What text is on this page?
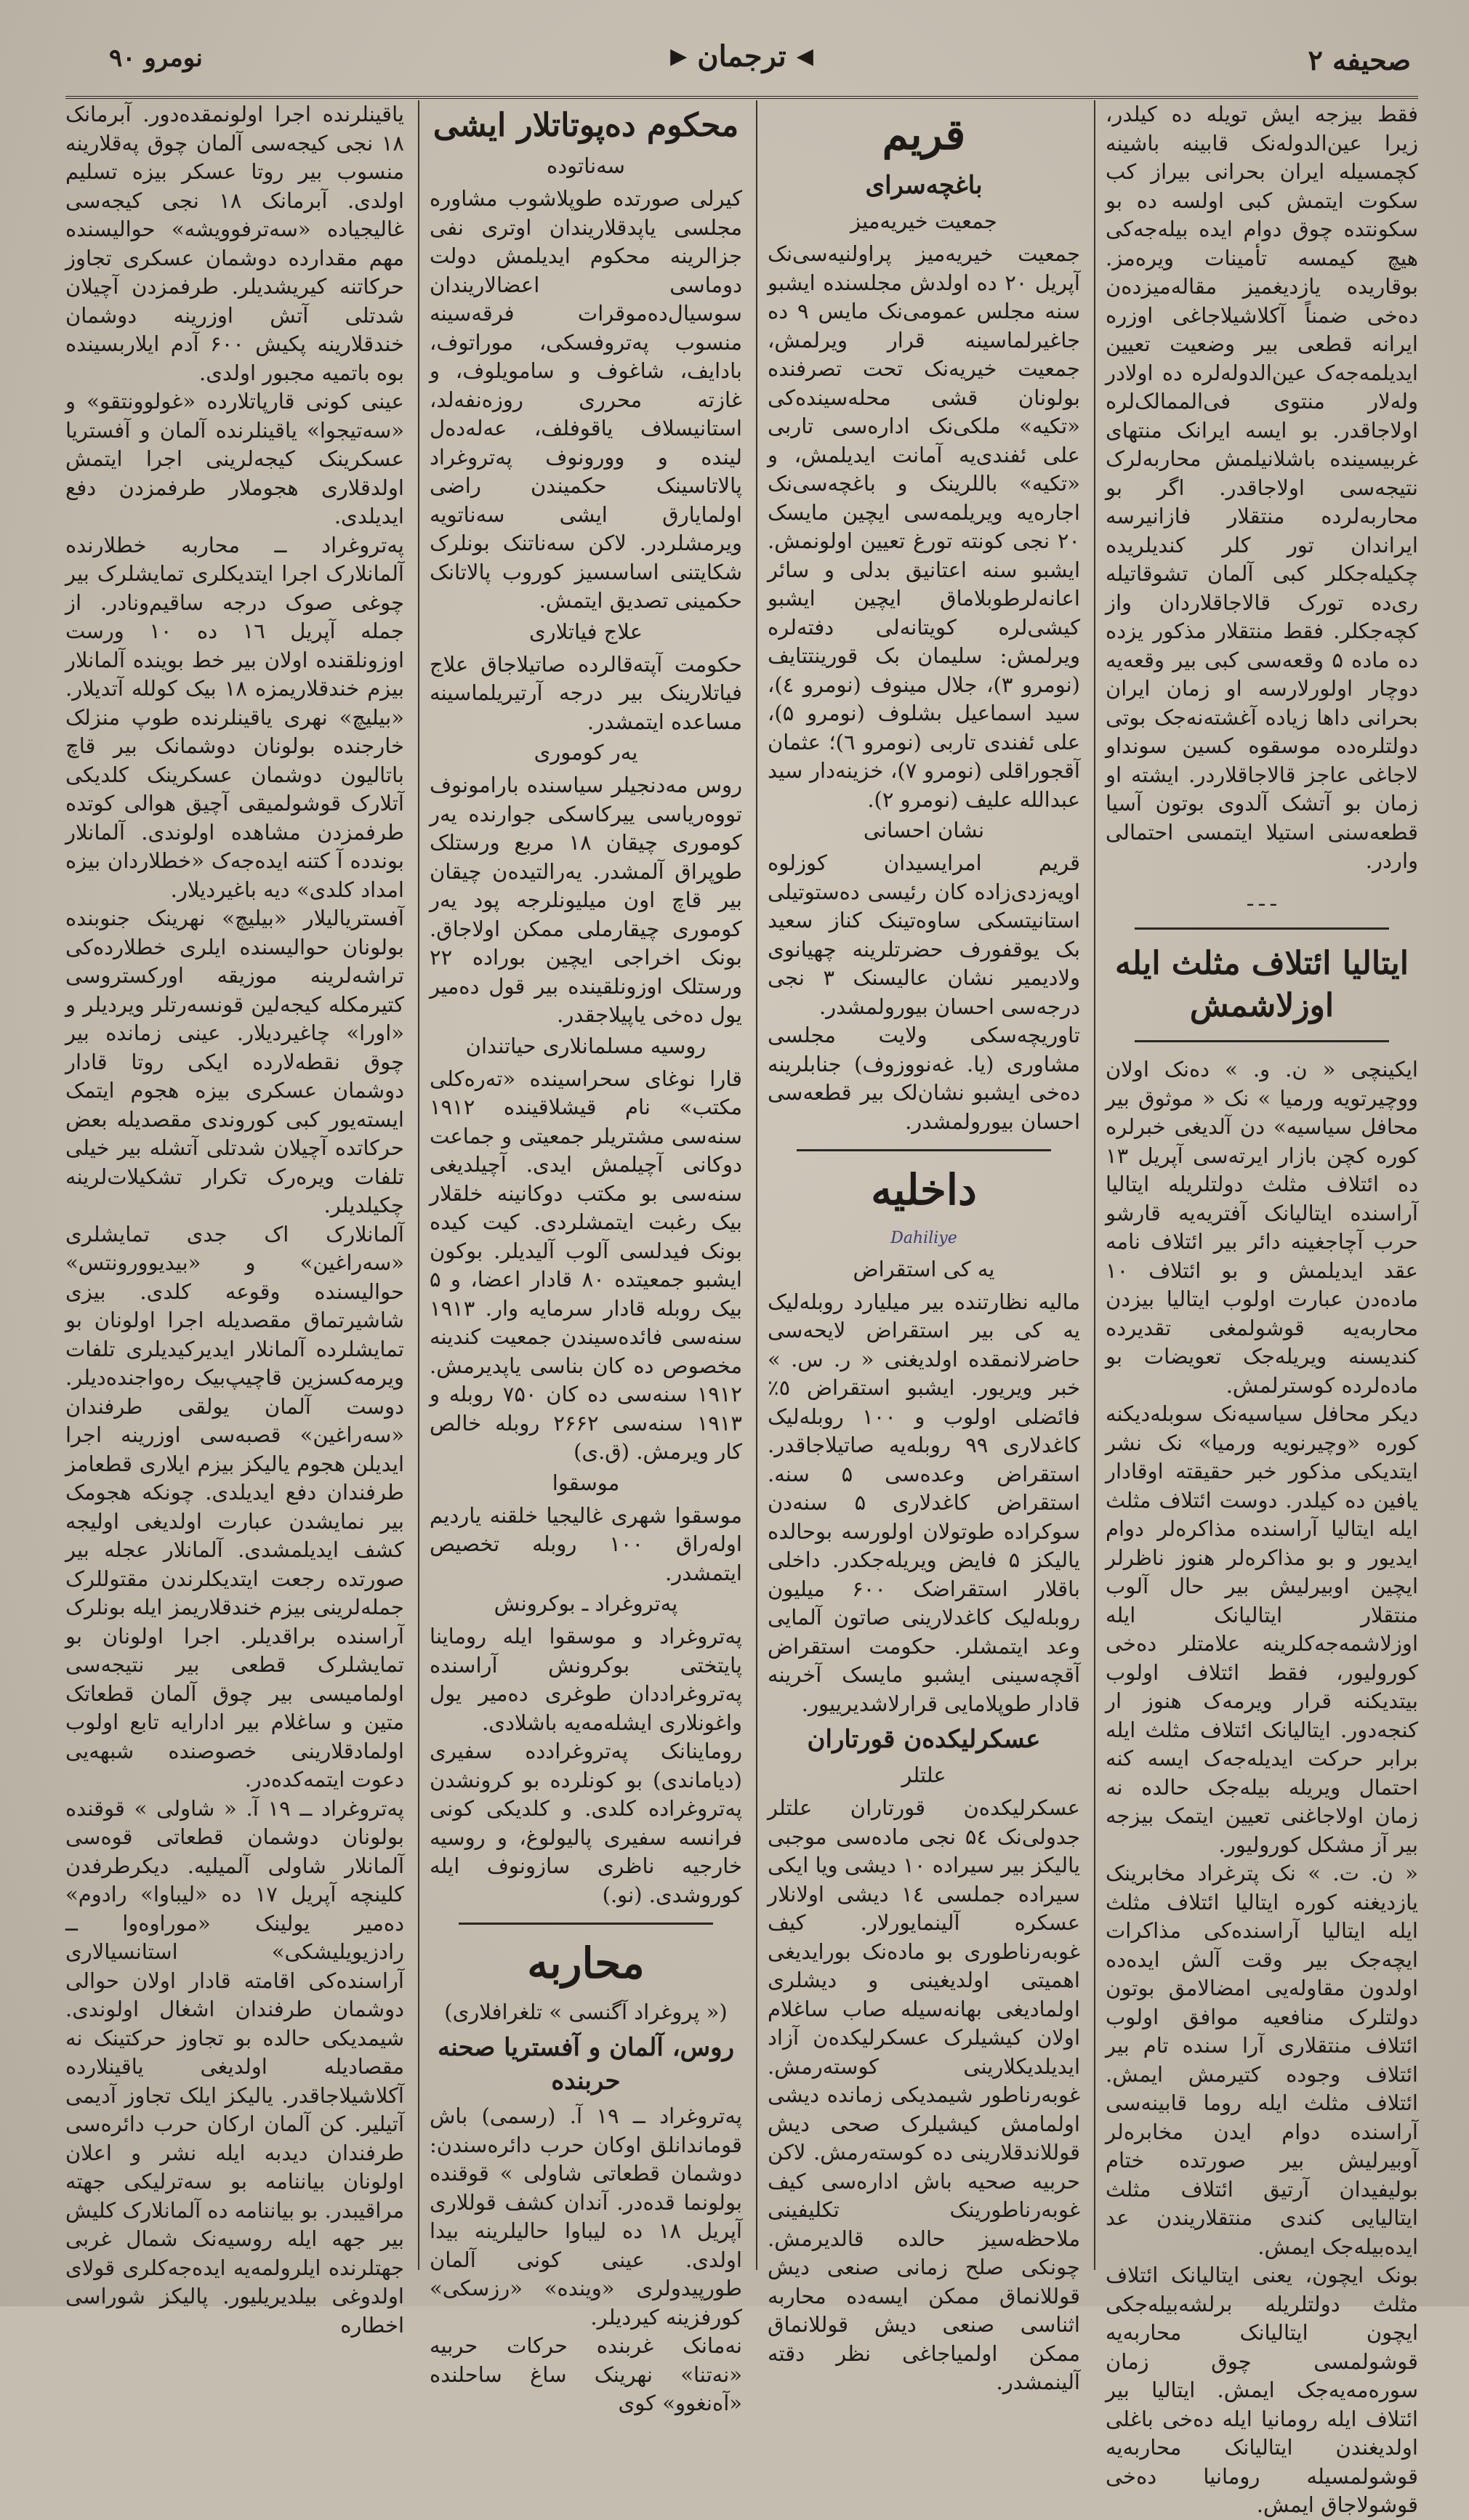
صحیفه ۲
◀
ترجمان
▶
نومرو ٩٠

فقط بیزجه ایش تویله ده کیلدر، زیرا عین‌الدوله‌نک قابینه باشینه کچمسیله ایران بحرانی بیراز کب سکوت ایتمش کبی اولسه ده بو سکونتده چوق دوام ایده بیله‌جه‌کی هیچ کیمسه تأمینات ویره‌مز. بوقاریده یازدیغمیز مقاله‌میزده‌ن ده‌خی ضمناً آکلاشیلاجاغی اوزره ایرانه قطعی بیر وضعیت تعیین ایدیلمه‌جه‌ک عین‌الدوله‌لره ده اولادر وله‌لار منتوی فی‌الممالک‌لره اولاجاقدر. بو ایسه ایرانک منتهای غربیسینده باشلانیلمش محاربه‌لرک نتیجه‌سی اولاجاقدر. اگر بو محاربه‌لرده منتقلار فازانیرسه ایراندان تور کلر کندیلریده چکیله‌جکلر کبی آلمان تشوقاتیله ری‌ده تورک قالاجاقلاردان واز کچه‌جکلر. فقط منتقلار مذکور یزده ده ماده ۵ وقعه‌سی کبی بیر وقعه‌یه دوچار اولورلارسه او زمان ایران بحرانی داها زیاده آغشته‌نه‌جک بوتی دولتلره‌ده موسقوه کسین سونداو لاجاغی عاجز قالاجاقلاردر. ایشته او زمان بو آتشک آلدوی بوتون آسیا قطعه‌سنی استیلا ایتمسی احتمالی واردر.

ـ ـ ـ
ایتالیا ائتلاف مثلث ایله اوزلاشمش

ایکینچی « ن. و. » ده‌نک اولان ووچیرتویه ورمیا » نک « موثوق بیر محافل سیاسیه» دن آلدیغی خبرلره کوره کچن بازار ایرته‌سی آپریل ۱۳ ده ائتلاف مثلث دولتلریله ایتالیا آراسنده ایتالیانک آفتریه‌یه قارشو حرب آچاجغینه دائر بیر ائتلاف نامه عقد ایدیلمش و بو ائتلاف ۱۰ ماده‌دن عبارت اولوب ایتالیا بیزدن محاربه‌یه قوشولمغی تقدیرده کندیسنه ویریله‌جک تعویضات بو ماده‌لرده کوسترلمش.

دیکر محافل سیاسیه‌نک سوبله‌دیکنه کوره «وچیرنویه ورمیا» نک نشر ایتدیکی مذکور خبر حقیقته اوقادار یافین ده کیلدر. دوست ائتلاف مثلث ایله ایتالیا آراسنده مذاکره‌لر دوام ایدیور و بو مذاکره‌لر هنوز ناظرلر ایچین اوبیرلیش بیر حال آلوب منتقلار ایتالیانک ایله اوزلاشمه‌جه‌کلرینه علامتلر ده‌خی کورولیور، فقط ائتلاف اولوب بیتدیکنه قرار ویرمه‌ک هنوز ار کنجه‌دور. ایتالیانک ائتلاف مثلث ایله برابر حرکت ایدیله‌جه‌ک ایسه کنه احتمال ویریله بیله‌جک حالده نه زمان اولاجاغنی تعیین ایتمک بیزجه بیر آز مشکل کورولیور.

« ن. ت. » نک پترغراد مخابرینک یازدیغنه کوره ایتالیا ائتلاف مثلث ایله ایتالیا آراسنده‌کی مذاکرات ایچه‌جک بیر وقت آلش ایده‌ده اولدون مقاوله‌یی امضالامق بوتون دولتلرک منافعیه موافق اولوب ائتلاف منتقلاری آرا سنده تام بیر ائتلاف وجوده کتیرمش ایمش. ائتلاف مثلث ایله روما قابینه‌سی آراسنده دوام ایدن مخابره‌لر آوبیرلیش بیر صورتده ختام بولیفیدان آرتیق ائتلاف مثلث ایتالیایی کندی منتقلاریندن عد ایده‌بیله‌جک ایمش.

بونک ایچون، یعنی ایتالیانک ائتلاف مثلث دولتلریله برلشه‌بیله‌جکی ایچون ایتالیانک محاربه‌یه قوشولمسی چوق زمان سوره‌مه‌یه‌جک ایمش. ایتالیا بیر ائتلاف ایله رومانیا ایله ده‌خی باغلی اولدیغندن ایتالیانک محاربه‌یه قوشولمسیله رومانیا ده‌خی قوشولاجاق ایمش.

قریم
باغچه‌سرای
جمعیت خیریه‌میز

جمعیت خیریه‌میز پراولنیه‌سی‌نک آپریل ۲۰ ده اولدش مجلسنده ایشبو سنه مجلس عمومی‌نک مایس ۹ ده جاغیرلماسینه قرار ویرلمش، جمعیت خیریه‌نک تحت تصرفنده بولونان قشی محله‌سینده‌کی «تکیه» ملکی‌نک اداره‌سی تاربی علی ئفندی‌یه آمانت ایدیلمش، و «تکیه» باللرینک و باغچه‌سی‌نک اجاره‌یه ویریلمه‌سی ایچین مایسک ۲۰ نجی کونته تورغ تعیین اولونمش. ایشبو سنه اعتانیق بدلی و سائر اعانه‌لرطوبلاماق ایچین ایشبو کیشی‌لره کویتانه‌لی دفته‌لره ویرلمش: سلیمان بک قورینتتایف (نومرو ۳)، جلال مینوف (نومرو ٤)، سید اسماعیل بشلوف (نومرو ۵)، علی ئفندی تاربی (نومرو ٦)؛ عثمان آقجوراقلی (نومرو ۷)، خزینه‌دار سید عبدالله علیف (نومرو ۲).

نشان احسانی

قریم امرایسیدان کوزلوه اویه‌زدی‌زاده کان رئیسی ده‌ستوتیلی استانیتسکی ساوه‌تینک کناز سعید بک یوقفورف حضرتلرینه چهیانوی ولادیمیر نشان عالیسنک ۳ نجی درجه‌سی احسان بیورولمشدر.

تاوریچه‌سکی ولایت مجلسی مشاوری (یا. غه‌نووزوف) جنابلرینه ده‌خی ایشبو نشان‌لک بیر قطعه‌سی احسان بیورولمشدر.

داخلیه
Dahiliye
یه کی استقراض

مالیه نظارتنده بیر میلیارد روبله‌لیک یه کی بیر استقراض لایحه‌سی حاضرلانمقده اولدیغنی « ر. س. » خبر ویریور. ایشبو استقراض ٥٪ فائضلی اولوب و ۱۰۰ روبله‌لیک کاغدلاری ۹۹ روبله‌یه صاتیلاجاقدر. استقراض وعده‌سی ۵ سنه. استقراض کاغدلاری ۵ سنه‌دن سوکراده طوتولان اولورسه بوحالده یالیکز ۵ فایض ویریله‌جکدر. داخلی باقلار استقراضک ۶۰۰ میلیون روبله‌لیک کاغدلارینی صاتون آلمایی وعد ایتمشلر. حکومت استقراض آقچه‌سینی ایشبو مایسک آخرینه قادار طوپلامایی قرارلاشدیرییور.

عسکرلیکده‌ن قورتاران
علتلر

عسکرلیکده‌ن قورتاران علتلر جدولی‌نک ۵٤ نجی ماده‌سی موجبی یالیکز بیر سیراده ۱۰ دیشی ویا ایکی سیراده جملسی ۱٤ دیشی اولانلار عسکره آلینمایورلار. کیف غوبه‌رناطوری بو ماده‌نک بورایدیغی اهمیتی اولدیغینی و دیشلری اولمادیغی بهانه‌سیله صاب ساغلام اولان کیشیلرک عسکرلیکده‌ن آزاد ایدیلدیکلارینی کوسته‌رمش. غوبه‌رناطور شیمدیکی زمانده دیشی اولمامش کیشیلرک صحی دیش قوللاندقلارینی ده کوسته‌رمش. لاکن حربیه صحیه باش اداره‌سی کیف غوبه‌رناطورینک تکلیفینی ملاحظه‌سیز حالده قالدیرمش. چونکی صلح زمانی صنعی دیش قوللانماق ممکن ایسه‌ده محاربه اثناسی صنعی دیش قوللانماق ممکن اولمیاجاغی نظر دقته آلینمشدر.

محکوم ده‌پوتاتلار ایشی
سه‌ناتوده

کیرلی صورتده طوپلاشوب مشاوره مجلسی یاپدقلاریندان اوتری نفی جزالرینه محکوم ایدیلمش دولت دوماسی اعضالاریندان سوسیال‌ده‌موقرات فرقه‌سینه منسوب په‌تروفسکی، موراتوف، بادایف، شاغوف و سامویلوف، و غازته محرری روزه‌نفه‌لد، استانیسلاف یاقوفلف، عه‌له‌ده‌ل لینده و وورونوف په‌تروغراد پالاتاسینک حکمیندن راضی اولمایارق ایشی سه‌ناتویه ویرمشلردر. لاکن سه‌ناتنک بونلرک شکایتنی اساسسیز کوروب پالاتانک حکمینی تصدیق ایتمش.

علاج فیاتلاری

حکومت آپته‌قالرده صاتیلاجاق علاج فیاتلارینک بیر درجه آرتیریلماسینه مساعده ایتمشدر.

یه‌ر کوموری

روس مه‌دنجیلر سیاسنده بارامونوف تووه‌ریاسی ییرکاسکی جوارنده یه‌ر کوموری چیقان ۱۸ مربع ورستلک طوپراق آلمشدر. یه‌رالتیده‌ن چیقان بیر قاچ اون میلیونلرجه پود یه‌ر کوموری چیقارملی ممکن اولاجاق. بونک اخراجی ایچین بوراده ۲۲ ورستلک اوزونلقینده بیر قول ده‌میر یول ده‌خی یاپیلاجقدر.

روسیه مسلمانلاری حیاتندان

قارا نوغای سحراسینده «ته‌ره‌کلی مکتب» نام قیشلاقینده ۱۹۱۲ سنه‌سی مشتریلر جمعیتی و جماعت دوکانی آچیلمش ایدی. آچیلدیغی سنه‌سی بو مکتب دوکانینه خلقلار بیک رغبت ایتمشلردی. کیت کیده بونک فیدلسی آلوب آلیدیلر. بوکون ایشبو جمعیتده ۸۰ قادار اعضا، و ۵ بیک روبله قادار سرمایه وار. ۱۹۱۳ سنه‌سی فائده‌سیندن جمعیت کندینه مخصوص ده کان بناسی یاپدیرمش. ۱۹۱۲ سنه‌سی ده کان ۷۵۰ روبله و ۱۹۱۳ سنه‌سی ۲۶۶۲ روبله خالص کار ویرمش. (ق.ی)

موسقوا

موسقوا شهری غالیجیا خلقنه یاردیم اوله‌راق ۱۰۰ روبله تخصیص ایتمشدر.

په‌تروغراد ـ بوکرونش

په‌تروغراد و موسقوا ایله روماینا پایتختی بوکرونش آراسنده په‌تروغراددان طوغری ده‌میر یول واغونلاری ایشله‌مه‌یه باشلادی.

روماینانک په‌تروغرادده سفیری (دیاماندی) بو کونلرده بو کرونشدن په‌تروغراده کلدی. و کلدیکی کونی فرانسه سفیری پالیولوغ، و روسیه خارجیه ناظری سازونوف ایله کوروشدی. (نو.)

محاربه
(« پروغراد آگنسی » تلغرافلاری)
روس، آلمان و آفستریا صحنه حربنده

په‌تروغراد ــ ۱۹ آ. (رسمی) باش قوماندانلق اوکان حرب دائره‌سندن: دوشمان قطعاتی شاولی » قوقنده بولونما قده‌در. آندان کشف قوللاری آپریل ۱۸ ده لیباوا حالیلرینه بیدا اولدی. عینی کونی آلمان طورپیدولری «وینده» «رزسکی» کورفزینه کیردیلر.

نه‌مانک غربنده حرکات حربیه «نه‌تنا» نهرینک ساغ ساحلنده «آه‌نغوو» کوی

یاقینلرنده اجرا اولونمقده‌دور. آبرمانک ۱۸ نجی کیجه‌سی آلمان چوق په‌قلارینه منسوب بیر روتا عسکر بیزه تسلیم اولدی. آبرمانک ۱۸ نجی کیجه‌سی غالیجیاده «سه‌ترفوویشه» حوالیسنده مهم مقدارده دوشمان عسکری تجاوز حرکاتنه کیریشدیلر. طرفمزدن آچیلان شدتلی آتش اوزرینه دوشمان خندقلارینه پکیش ۶۰۰ آدم ایلاربسینده بوه باتمیه مجبور اولدی.

عینی کونی قارپاتلارده «غولوونتقو» و «سه‌تیجوا» یاقینلرنده آلمان و آفستریا عسکرینک کیجه‌لرینی اجرا ایتمش اولدقلاری هجوملار طرفمزدن دفع ایدیلدی.

په‌تروغراد ــ محاربه خطلارنده آلمانلارک اجرا ایتدیکلری تمایشلرک بیر چوغی صوک درجه ساقیم‌ونادر. از جمله آپریل ۱٦ ده ۱۰ ورست اوزونلقنده اولان بیر خط بوینده آلمانلار بیزم خندقلاریمزه ۱۸ بیک کولله آتدیلار. «بیلیچ» نهری یاقینلرنده طوپ منزلک خارجنده بولونان دوشمانک بیر قاچ باتالیون دوشمان عسکرینک کلدیکی آتلارک قوشولمیقی آچیق هوالی کوتده طرفمزدن مشاهده اولوندی. آلمانلار بوندده آ کتنه ایده‌جه‌ک «خطلاردان بیزه امداد کلدی» دیه باغیردیلار.

آفستریالیلار «بیلیچ» نهرینک جنوبنده بولونان حوالیسنده ایلری خطلارده‌کی تراشه‌لرینه موزیقه اورکستروسی کتیرمکله کیجه‌لین قونسه‌رتلر ویردیلر و «اورا» چاغیردیلار. عینی زمانده بیر چوق نقطه‌لارده ایکی روتا قادار دوشمان عسکری بیزه هجوم ایتمک ایسته‌یور کبی کوروندی مقصدیله بعض حرکاتده آچیلان شدتلی آتشله بیر خیلی تلفات ویره‌رک تکرار تشکیلات‌لرینه چکیلدیلر.

آلمانلارک اک جدی تمایشلری «سه‌راغین» و «بیدیوورونتس» حوالیسنده وقوعه کلدی. بیزی شاشیرتماق مقصدیله اجرا اولونان بو تمایشلرده آلمانلار ایدیرکیدیلری تلفات ویرمه‌کسزین قاچیپ‌بیک ره‌واجنده‌دیلر. دوست آلمان یولقی طرفندان «سه‌راغین» قصبه‌سی اوزرینه اجرا ایدیلن هجوم یالیکز بیزم ایلاری قطعامز طرفندان دفع ایدیلدی. چونکه هجومک بیر نمایشدن عبارت اولدیغی اولیجه کشف ایدیلمشدی. آلمانلار عجله بیر صورتده رجعت ایتدیکلرندن مقتوللرک جمله‌لرینی بیزم خندقلاریمز ایله بونلرک آراسنده براقدیلر. اجرا اولونان بو تمایشلرک قطعی بیر نتیجه‌سی اولمامیسی بیر چوق آلمان قطعاتک متین و ساغلام بیر ادارایه تابع اولوب اولمادقلارینی خصوصنده شبهه‌یی دعوت ایتمه‌کده‌در.

په‌تروغراد ــ ۱۹ آ. « شاولی » قوقنده بولونان دوشمان قطعاتی قوه‌سی آلمانلار شاولی آلمیلیه. دیکرطرفدن کلینچه آپریل ۱۷ ده «لیباوا» رادوم» ده‌میر یولینک «موراوه‌وا ــ رادزیویلیشکی» استانسیالاری آراسنده‌کی اقامته قادار اولان حوالی دوشمان طرفندان اشغال اولوندی. شیمدیکی حالده بو تجاوز حرکتینک نه مقصادیله اولدیغی یاقینلارده آکلاشیلاجاقدر. یالیکز ایلک تجاوز آدیمی آتیلیر. کن آلمان ارکان حرب دائره‌سی طرفندان دیدبه ایله نشر و اعلان اولونان بیاننامه بو سه‌ترلیکی جهته مراقیبدر. بو بیاننامه ده آلمانلارک کلیش بیر جهه ایله روسیه‌نک شمال غربی جهتلرنده ایلرولمه‌یه ایده‌جه‌کلری قولای اولدوغی بیلدیریلیور. پالیکز شوراسی اخطاره
